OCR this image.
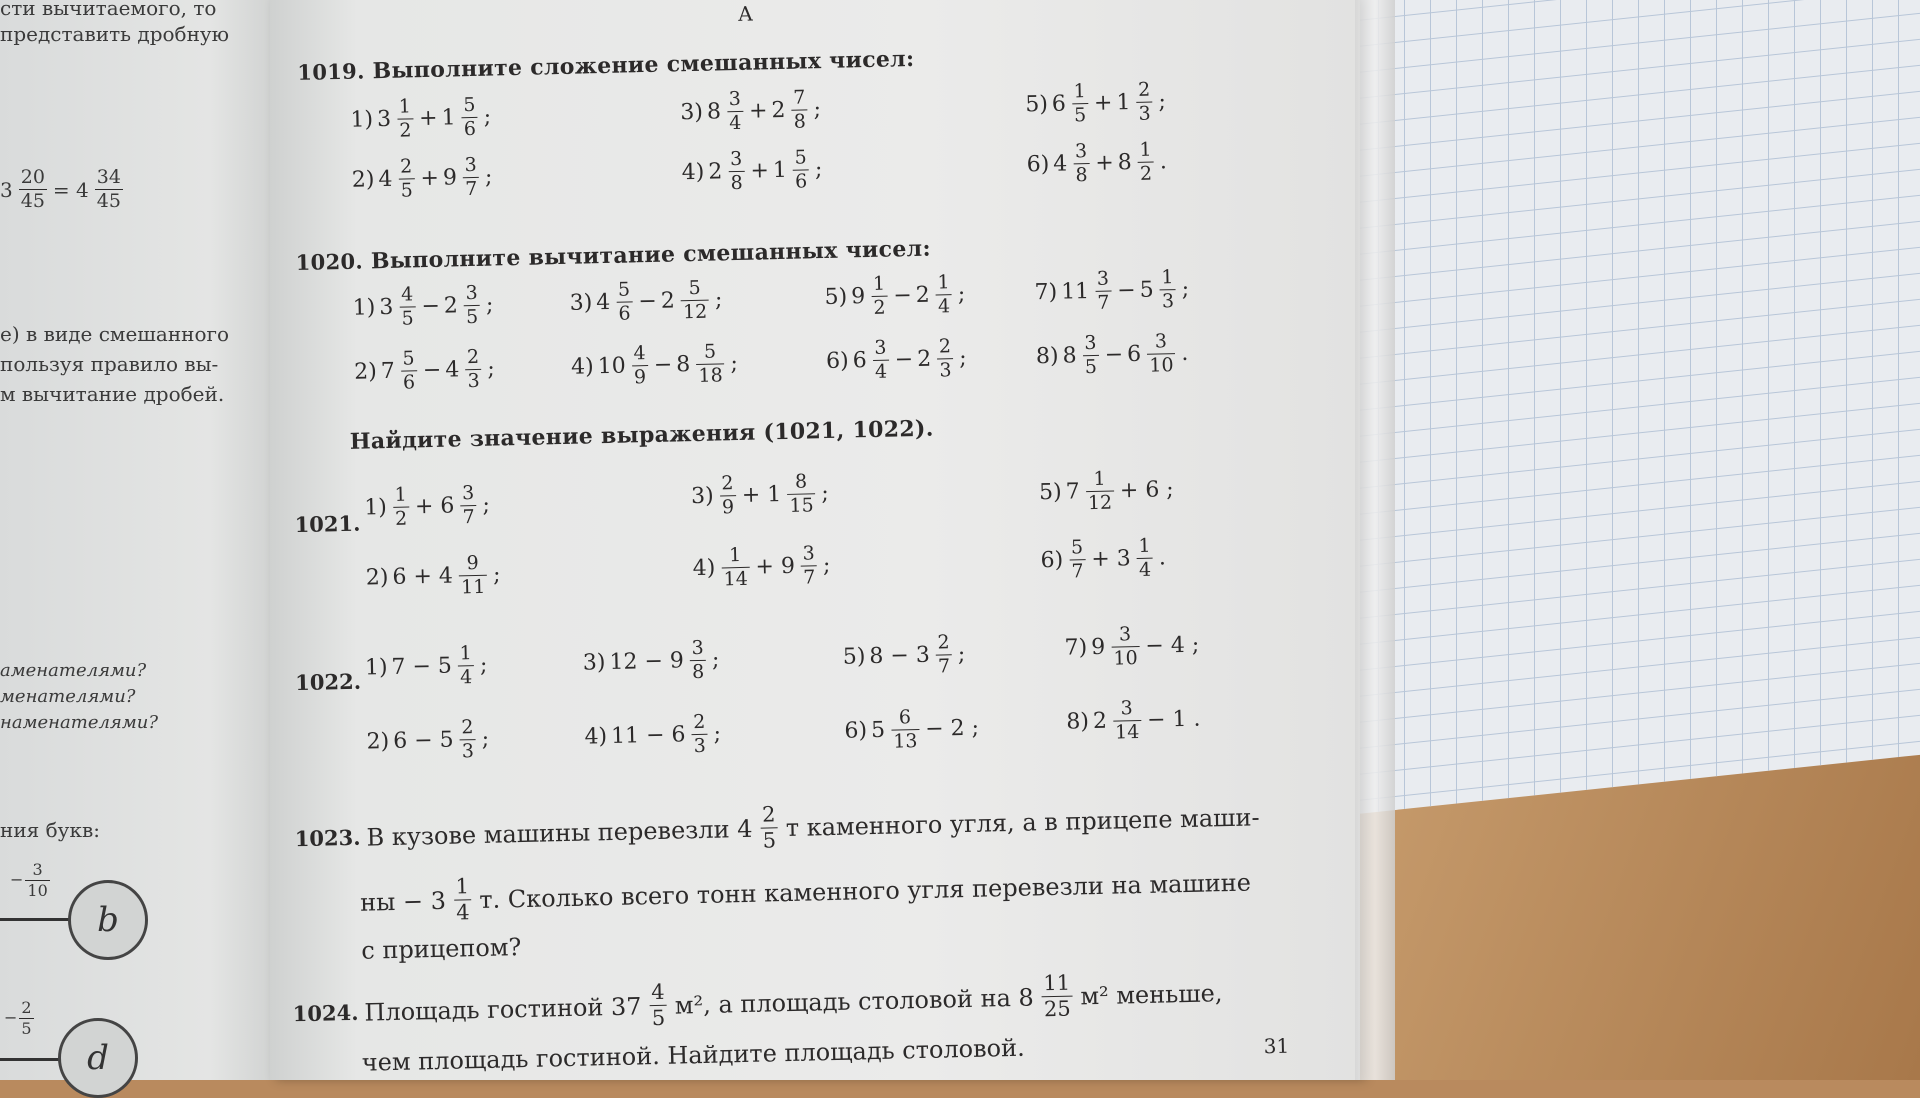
сти вычитаемого, то
представить дробную
$3 \frac{20}{45} = 4 \frac{34}{45}$
е) в виде смешанного
пользуя правило вы-
м вычитание дробей.
аменателями?
менателями?
наменателями?
ния букв:
− $\frac{3}{10}$
b
− $\frac{2}{5}$
d
A
1019. Выполните сложение смешанных чисел:
1) $3 \frac{1}{2} + 1 \frac{5}{6}$ ;
2) $4 \frac{2}{5} + 9 \frac{3}{7}$ ;
3) $8 \frac{3}{4} + 2 \frac{7}{8}$ ;
4) $2 \frac{3}{8} + 1 \frac{5}{6}$ ;
5) $6 \frac{1}{5} + 1 \frac{2}{3}$ ;
6) $4 \frac{3}{8} + 8 \frac{1}{2}$ .
1020. Выполните вычитание смешанных чисел:
1) $3 \frac{4}{5} - 2 \frac{3}{5}$ ;
2) $7 \frac{5}{6} - 4 \frac{2}{3}$ ;
3) $4 \frac{5}{6} - 2 \frac{5}{12}$ ;
4) $10 \frac{4}{9} - 8 \frac{5}{18}$ ;
5) $9 \frac{1}{2} - 2 \frac{1}{4}$ ;
6) $6 \frac{3}{4} - 2 \frac{2}{3}$ ;
7) $11 \frac{3}{7} - 5 \frac{1}{3}$ ;
8) $8 \frac{3}{5} - 6 \frac{3}{10}$ .
Найдите значение выражения (1021, 1022).
1021.
$1) \frac{1}{2} + 6 \frac{3}{7}$ ;
2) $6 + 4 \frac{9}{11}$ ;
$3) \frac{2}{9} + 1 \frac{8}{15}$ ;
$4) \frac{1}{14} + 9 \frac{3}{7}$ ;
5) $7 \frac{1}{12} + 6$ ;
$6) \frac{5}{7} + 3 \frac{1}{4}$ .
1022.
1) $7 - 5 \frac{1}{4}$ ;
2) $6 - 5 \frac{2}{3}$ ;
3) $12 - 9 \frac{3}{8}$ ;
4) $11 - 6 \frac{2}{3}$ ;
5) $8 - 3 \frac{2}{7}$ ;
6) $5 \frac{6}{13} - 2$ ;
7) $9 \frac{3}{10} - 4$ ;
8) $2 \frac{3}{14} - 1$ .
1023. В кузове машины перевезли $4 \frac{2}{5}$ т каменного угля, а в прицепе маши-
ны − $3 \frac{1}{4} т$. Сколько всего тонн каменного угля перевезли на машине
с прицепом?
1024. Площадь гостиной $37 \frac{4}{5} м^2$, а площадь столовой на $8 \frac{11}{25} м^2$ меньше,
чем площадь гостиной. Найдите площадь столовой.	31
